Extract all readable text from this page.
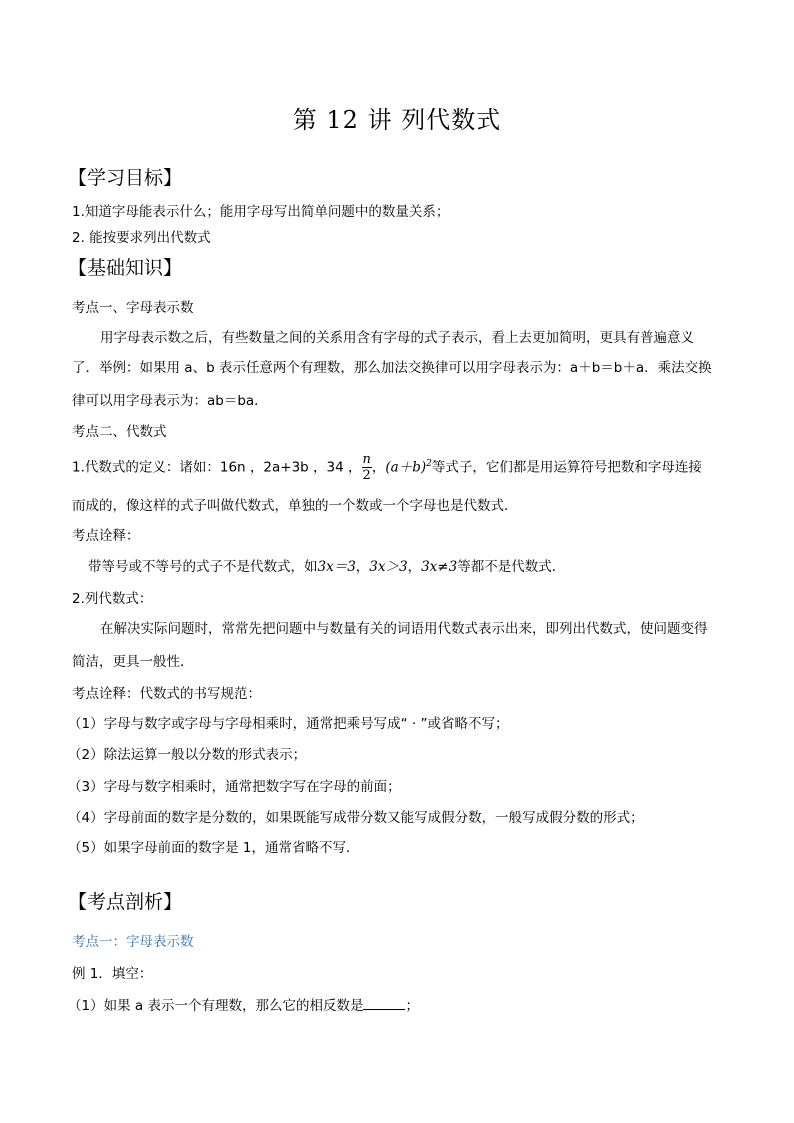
第 12 讲 列代数式
【学习目标】
1.知道字母能表示什么；能用字母写出简单问题中的数量关系；
2. 能按要求列出代数式
【基础知识】
考点一、字母表示数
用字母表示数之后，有些数量之间的关系用含有字母的式子表示，看上去更加简明，更具有普遍意义
了．举例：如果用 a、b 表示任意两个有理数，那么加法交换律可以用字母表示为：a＋b＝b＋a．乘法交换
律可以用字母表示为：ab＝ba．
考点二、代数式
1.代数式的定义：诸如：16n ，2a+3b ，34 ， $\frac{n}{2}$ ，$(a+b)^2$等式子，它们都是用运算符号把数和字母连接
而成的，像这样的式子叫做代数式，单独的一个数或一个字母也是代数式．
考点诠释：
带等号或不等号的式子不是代数式，如3x＝3，3x＞3，3x≠3等都不是代数式．
2.列代数式：
在解决实际问题时，常常先把问题中与数量有关的词语用代数式表示出来，即列出代数式，使问题变得
简洁，更具一般性．
考点诠释：代数式的书写规范：
（1）字母与数字或字母与字母相乘时，通常把乘号写成“ · ”或省略不写；
（2）除法运算一般以分数的形式表示；
（3）字母与数字相乘时，通常把数字写在字母的前面；
（4）字母前面的数字是分数的，如果既能写成带分数又能写成假分数，一般写成假分数的形式；
（5）如果字母前面的数字是 1，通常省略不写．
【考点剖析】
考点一：字母表示数
例 1．填空：
（1）如果 a 表示一个有理数，那么它的相反数是	；
